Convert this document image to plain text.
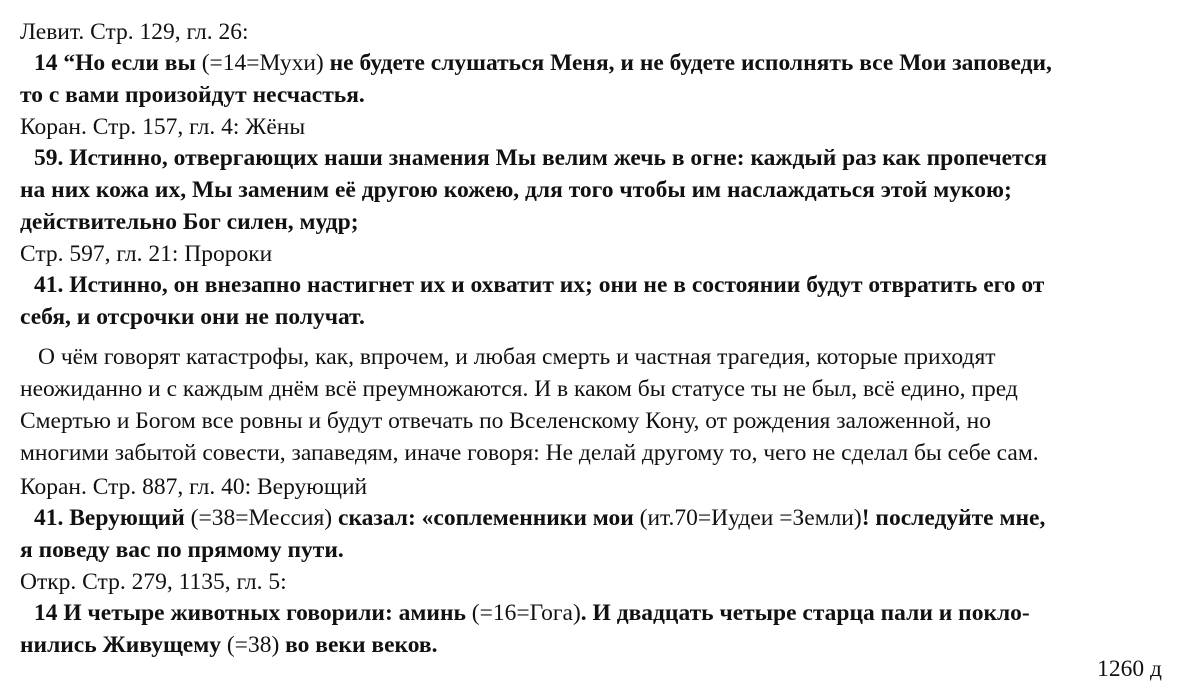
Левит. Стр. 129, гл. 26:
14 “Но если вы (=14=Мухи) не будете слушаться Меня, и не будете исполнять все Мои заповеди,
то с вами произойдут несчастья.
Коран. Стр. 157, гл. 4: Жёны
59. Истинно, отвергающих наши знамения Мы велим жечь в огне: каждый раз как пропечется
на них кожа их, Мы заменим её другою кожею, для того чтобы им наслаждаться этой мукою;
действительно Бог силен, мудр;
Стр. 597, гл. 21: Пророки
41. Истинно, он внезапно настигнет их и охватит их; они не в состоянии будут отвратить его от
себя, и отсрочки они не получат.
О чём говорят катастрофы, как, впрочем, и любая смерть и частная трагедия, которые приходят
неожиданно и с каждым днём всё преумножаются. И в каком бы статусе ты не был, всё едино, пред
Смертью и Богом все ровны и будут отвечать по Вселенскому Кону, от рождения заложенной, но
многими забытой совести, запаведям, иначе говоря: Не делай другому то, чего не сделал бы себе сам.
Коран. Стр. 887, гл. 40: Верующий
41. Верующий (=38=Мессия) сказал: «соплеменники мои (ит.70=Иудеи =Земли)! последуйте мне,
я поведу вас по прямому пути.
Откр. Стр. 279, 1135, гл. 5:
14 И четыре животных говорили: аминь (=16=Гога). И двадцать четыре старца пали и покло-
нились Живущему (=38) во веки веков.
1260 д
